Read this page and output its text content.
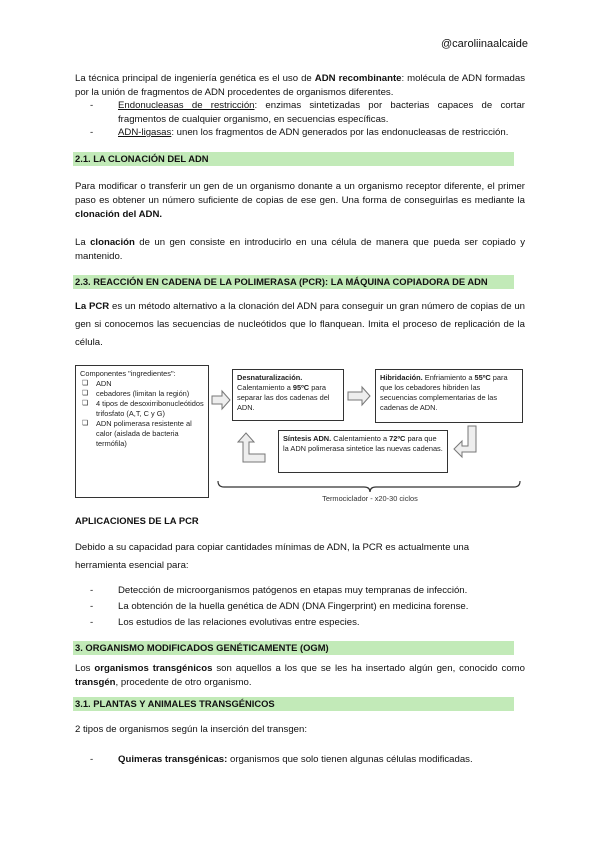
@caroliinaalcaide
La técnica principal de ingeniería genética es el uso de ADN recombinante: molécula de ADN formadas por la unión de fragmentos de ADN procedentes de organismos diferentes.
-	Endonucleasas de restricción: enzimas sintetizadas por bacterias capaces de cortar fragmentos de cualquier organismo, en secuencias específicas.
-	ADN-ligasas: unen los fragmentos de ADN generados por las endonucleasas de restricción.
2.1. LA CLONACIÓN DEL ADN
Para modificar o transferir un gen de un organismo donante a un organismo receptor diferente, el primer paso es obtener un número suficiente de copias de ese gen. Una forma de conseguirlas es mediante la clonación del ADN.
La clonación de un gen consiste en introducirlo en una célula de manera que pueda ser copiado y mantenido.
2.3. REACCIÓN EN CADENA DE LA POLIMERASA (PCR): LA MÁQUINA COPIADORA DE ADN
La PCR es un método alternativo a la clonación del ADN para conseguir un gran número de copias de un gen si conocemos las secuencias de nucleótidos que lo flanquean. Imita el proceso de replicación de la célula.
Componentes "ingredientes":
❏ ADN
❏ cebadores (limitan la región)
❏ 4 tipos de desoxirribonucleótidos trifosfato (A,T, C y G)
❏ ADN polimerasa resistente al calor (aislada de bacteria termófila)
Desnaturalización.
Calentamiento a 95ºC para separar las dos cadenas del ADN.
Hibridación. Enfriamiento a 55ºC para que los cebadores hibriden las secuencias complementarias de las cadenas de ADN.
Síntesis ADN. Calentamiento a 72ºC para que la ADN polimerasa sintetice las nuevas cadenas.
Termociclador - x20-30 ciclos
APLICACIONES DE LA PCR
Debido a su capacidad para copiar cantidades mínimas de ADN, la PCR es actualmente una herramienta esencial para:
-	Detección de microorganismos patógenos en etapas muy tempranas de infección.
-	La obtención de la huella genética de ADN (DNA Fingerprint) en medicina forense.
-	Los estudios de las relaciones evolutivas entre especies.
3. ORGANISMO MODIFICADOS GENÉTICAMENTE (OGM)
Los organismos transgénicos son aquellos a los que se les ha insertado algún gen, conocido como transgén, procedente de otro organismo.
3.1. PLANTAS Y ANIMALES TRANSGÉNICOS
2 tipos de organismos según la inserción del transgen:
-	Quimeras transgénicas: organismos que solo tienen algunas células modificadas.
